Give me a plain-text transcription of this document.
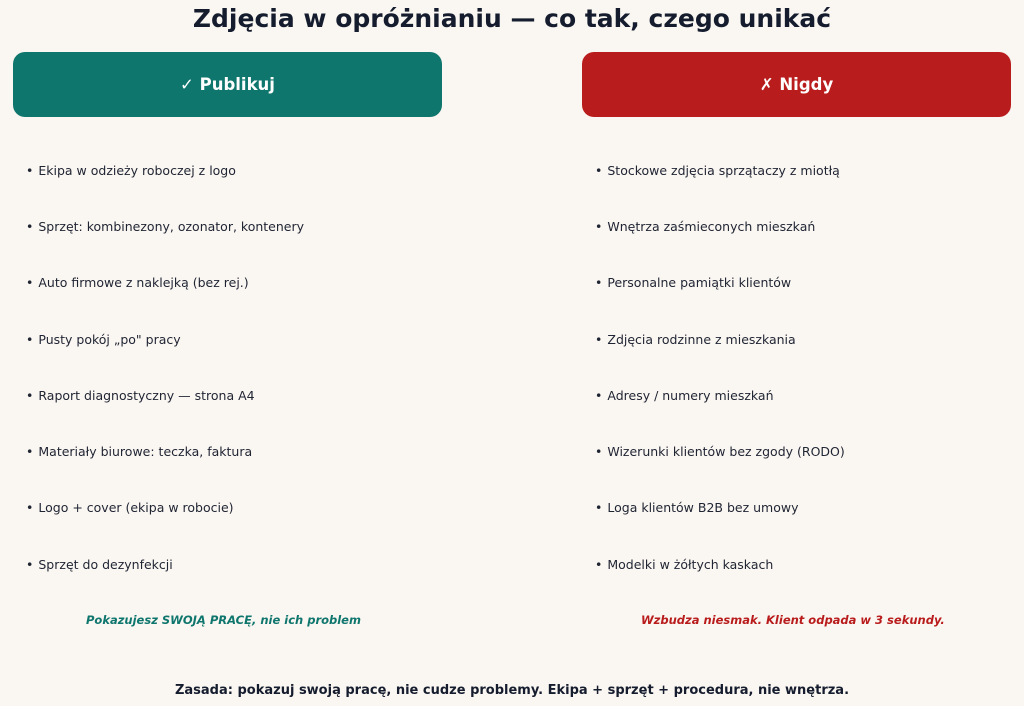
Zdjęcia w opróżnianiu — co tak, czego unikać
✓ Publikuj	✗ Nigdy
• Ekipa w odzieży roboczej z logo
• Sprzęt: kombinezony, ozonator, kontenery
• Auto firmowe z naklejką (bez rej.)
• Pusty pokój „po" pracy
• Raport diagnostyczny — strona A4
• Materiały biurowe: teczka, faktura
• Logo + cover (ekipa w robocie)
• Sprzęt do dezynfekcji
• Stockowe zdjęcia sprzątaczy z miotłą
• Wnętrza zaśmieconych mieszkań
• Personalne pamiątki klientów
• Zdjęcia rodzinne z mieszkania
• Adresy / numery mieszkań
• Wizerunki klientów bez zgody (RODO)
• Loga klientów B2B bez umowy
• Modelki w żółtych kaskach
Pokazujesz SWOJĄ PRACĘ, nie ich problem	Wzbudza niesmak. Klient odpada w 3 sekundy.
Zasada: pokazuj swoją pracę, nie cudze problemy. Ekipa + sprzęt + procedura, nie wnętrza.
